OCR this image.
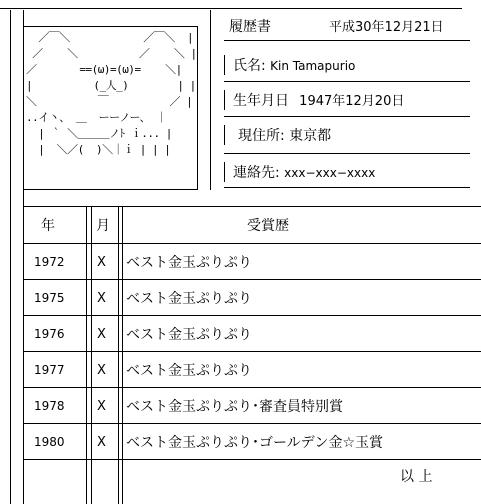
／￣＼            ／￣＼  |
／    ＼          ／    ＼ |
／       ==(ω)=(ω)=    ＼|
|          (_人_)        | |
＼          ￣          ／ |
..イ丶、 ＿  ーーノー、 ｜
| ｀ ＼＿＿＿ノﾄ ｉ... |
|  ＼／(  )＼｜ｉ | | |
履歴書	平成30年12月21日
氏名: Kin Tamapurio
生年月日 1947年12月20日
現住所: 東京都
連絡先: xxx−xxx−xxxx
年	月	受賞歴
1972 X ベスト金玉ぷりぷり
1975 X ベスト金玉ぷりぷり
1976 X ベスト金玉ぷりぷり
1977 X ベスト金玉ぷりぷり
1978 X ベスト金玉ぷりぷり･審査員特別賞
1980 X ベスト金玉ぷりぷり･ゴールデン金☆玉賞
以 上
